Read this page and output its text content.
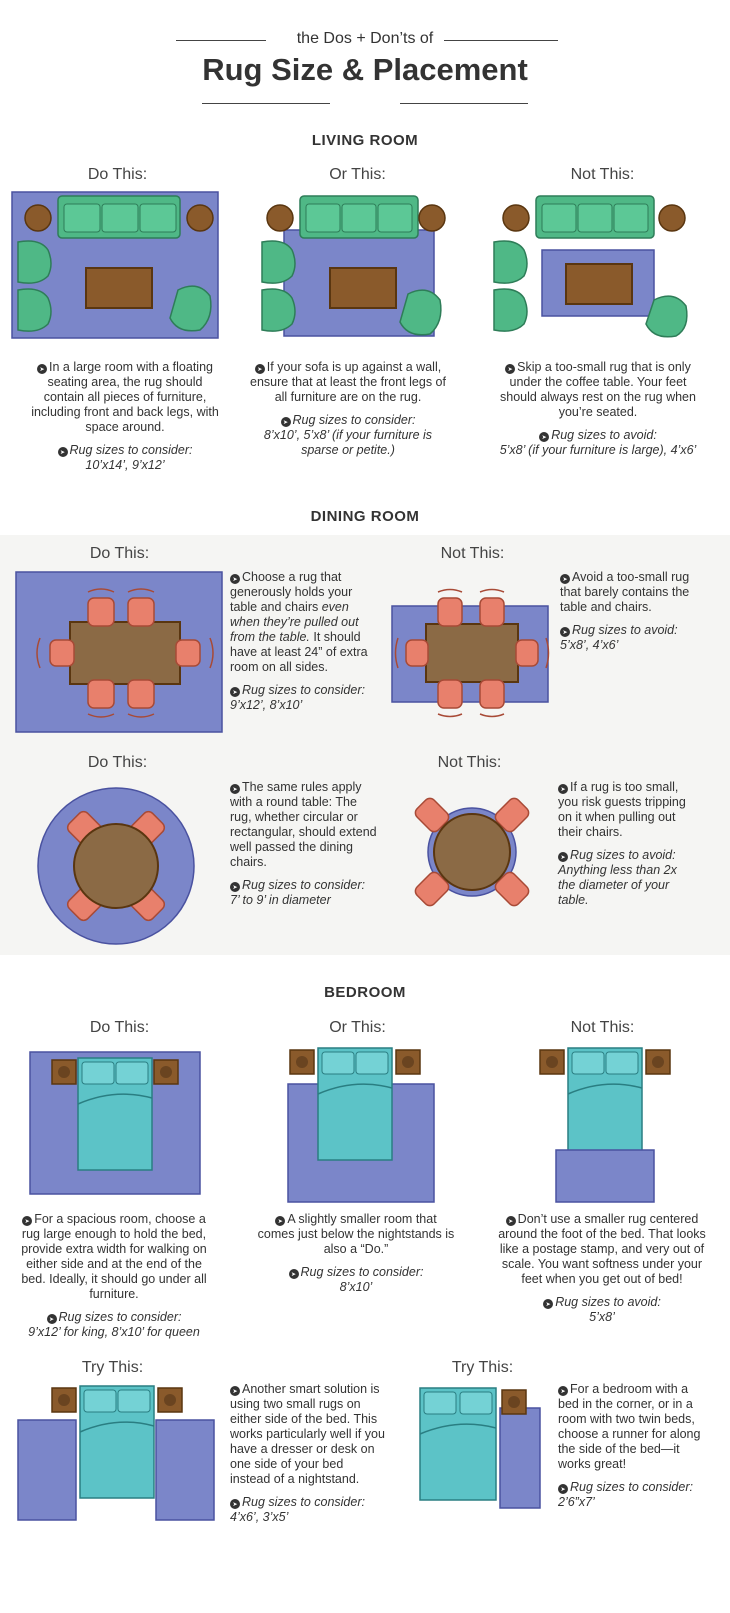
the Dos + Don’ts of
Rug Size & Placement
LIVING ROOM
Do This:	Or This:	Not This:
➤In a large room with a floating seating area, the rug should contain all pieces of furniture, including front and back legs, with space around.
➤Rug sizes to consider:
10’x14’, 9’x12’
➤If your sofa is up against a wall, ensure that at least the front legs of all furniture are on the rug.
➤Rug sizes to consider:
8’x10’, 5’x8’ (if your furniture is sparse or petite.)
➤Skip a too-small rug that is only under the coffee table. Your feet should always rest on the rug when you’re seated.
➤Rug sizes to avoid:
5’x8’ (if your furniture is large), 4’x6’
DINING ROOM
Do This:	Not This:
➤Choose a rug that generously holds your table and chairs even when they’re pulled out from the table. It should have at least 24” of extra room on all sides.
➤Rug sizes to consider:
9’x12’, 8’x10’
➤Avoid a too-small rug that barely contains the table and chairs.
➤Rug sizes to avoid:
5’x8’, 4’x6’
Do This:	Not This:
➤The same rules apply with a round table: The rug, whether circular or rectangular, should extend well passed the dining chairs.
➤Rug sizes to consider:
7’ to 9’ in diameter
➤If a rug is too small, you risk guests tripping on it when pulling out their chairs.
➤Rug sizes to avoid:
Anything less than 2x the diameter of your table.
BEDROOM
Do This:	Or This:	Not This:
➤For a spacious room, choose a rug large enough to hold the bed, provide extra width for walking on either side and at the end of the bed. Ideally, it should go under all furniture.
➤Rug sizes to consider:
9’x12’ for king, 8’x10’ for queen
➤A slightly smaller room that comes just below the nightstands is also a “Do.”
➤Rug sizes to consider:
8’x10’
➤Don’t use a smaller rug centered around the foot of the bed. That looks like a postage stamp, and very out of scale. You want softness under your feet when you get out of bed!
➤Rug sizes to avoid:
5’x8’
Try This:	Try This:
➤Another smart solution is using two small rugs on either side of the bed. This works particularly well if you have a dresser or desk on one side of your bed instead of a nightstand.
➤Rug sizes to consider:
4’x6’, 3’x5’
➤For a bedroom with a bed in the corner, or in a room with two twin beds, choose a runner for along the side of the bed—it works great!
➤Rug sizes to consider:
2’6”x7’
